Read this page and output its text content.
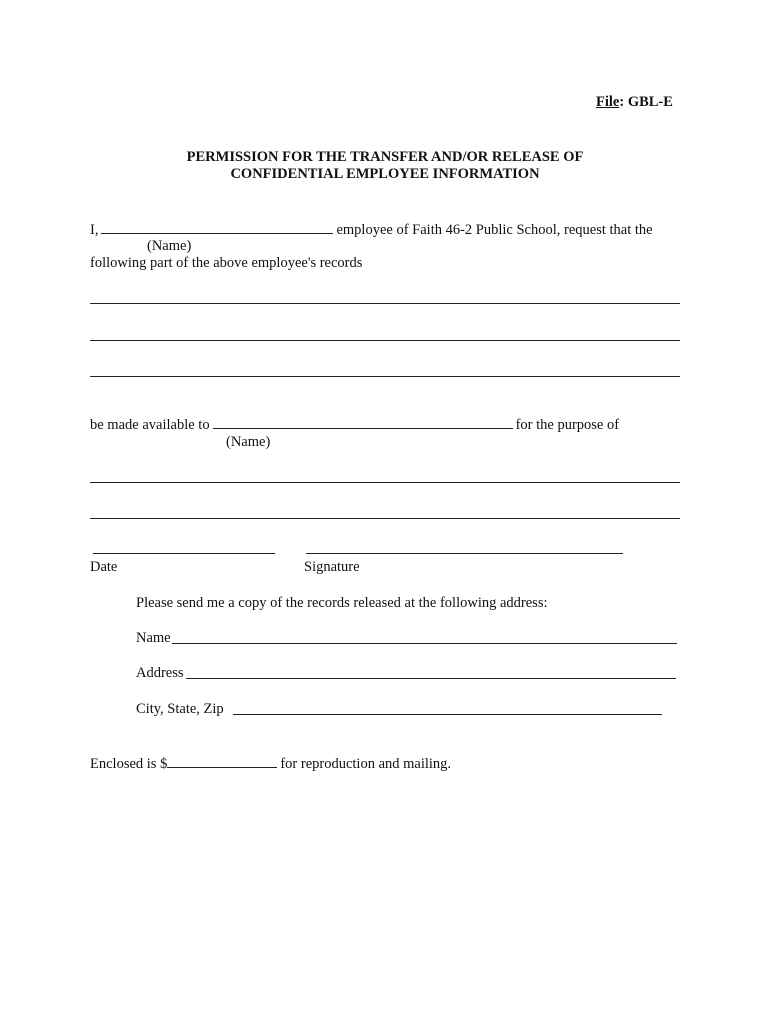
File: GBL-E
PERMISSION FOR THE TRANSFER AND/OR RELEASE OF
CONFIDENTIAL EMPLOYEE INFORMATION
I,	employee of Faith 46-2 Public School, request that the
(Name)
following part of the above employee's records
be made available to	for the purpose of
(Name)
Date	Signature
Please send me a copy of the records released at the following address:
Name
Address
City, State, Zip
Enclosed is $	for reproduction and mailing.
